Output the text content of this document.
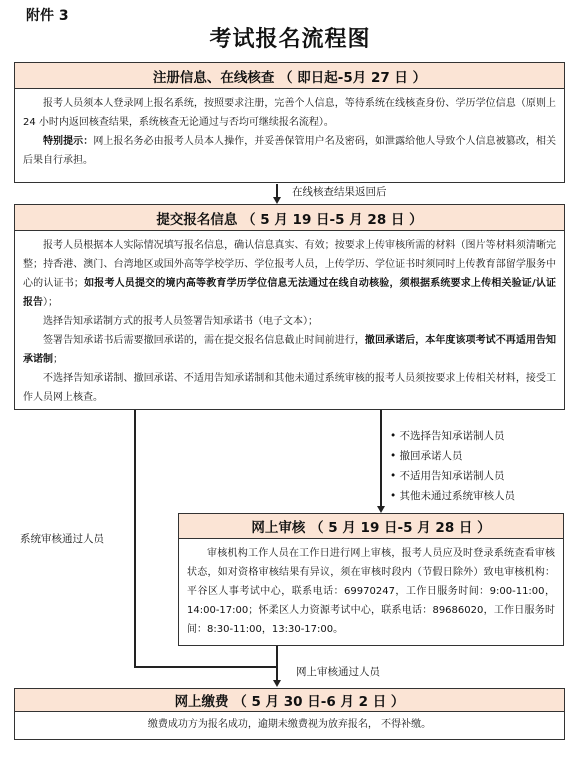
附件 3
考试报名流程图
注册信息、在线核查 （ 即日起-5月 27 日 ）

报考人员须本人登录网上报名系统，按照要求注册，完善个人信息，等待系统在线核查身份、学历学位信息（原则上 24 小时内返回核查结果，系统核查无论通过与否均可继续报名流程）。

特别提示：网上报名务必由报考人员本人操作，并妥善保管用户名及密码，如泄露给他人导致个人信息被篡改，相关后果自行承担。

在线核查结果返回后
提交报名信息 （ 5 月 19 日-5 月 28 日 ）

报考人员根据本人实际情况填写报名信息，确认信息真实、有效；按要求上传审核所需的材料（图片等材料须清晰完整；持香港、澳门、台湾地区或国外高等学校学历、学位报考人员，上传学历、学位证书时须同时上传教育部留学服务中心的认证书；如报考人员提交的境内高等教育学历学位信息无法通过在线自动核验，须根据系统要求上传相关验证/认证报告）；

选择告知承诺制方式的报考人员签署告知承诺书（电子文本）；

签署告知承诺书后需要撤回承诺的，需在提交报名信息截止时间前进行，撤回承诺后，本年度该项考试不再适用告知承诺制；

不选择告知承诺制、撤回承诺、不适用告知承诺制和其他未通过系统审核的报考人员须按要求上传相关材料，接受工作人员网上核查。

系统审核通过人员
• 不选择告知承诺制人员
• 撤回承诺人员
• 不适用告知承诺制人员
• 其他未通过系统审核人员
网上审核 （ 5 月 19 日-5 月 28 日 ）

审核机构工作人员在工作日进行网上审核，报考人员应及时登录系统查看审核状态，如对资格审核结果有异议，须在审核时段内（节假日除外）致电审核机构：平谷区人事考试中心，联系电话：69970247，工作日服务时间：9:00-11:00，14:00-17:00；怀柔区人力资源考试中心，联系电话：89686020，工作日服务时间：8:30-11:00，13:30-17:00。

网上审核通过人员
网上缴费 （ 5 月 30 日-6 月 2 日 ）
缴费成功方为报名成功，逾期未缴费视为放弃报名， 不得补缴。
